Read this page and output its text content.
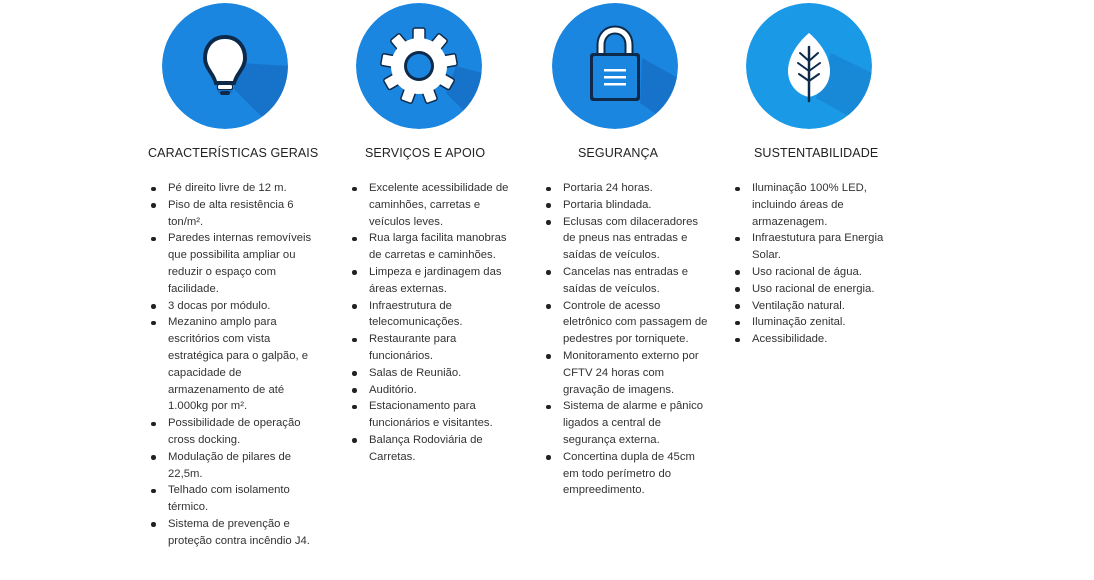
CARACTERÍSTICAS GERAIS
Pé direito livre de 12 m.
Piso de alta resistência 6 ton/m².
Paredes internas removíveis que possibilita ampliar ou reduzir o espaço com facilidade.
3 docas por módulo.
Mezanino amplo para escritórios com vista estratégica para o galpão, e capacidade de armazenamento de até 1.000kg por m².
Possibilidade de operação cross docking.
Modulação de pilares de 22,5m.
Telhado com isolamento térmico.
Sistema de prevenção e proteção contra incêndio J4.
SERVIÇOS E APOIO
Excelente acessibilidade de caminhões, carretas e veículos leves.
Rua larga facilita manobras de carretas e caminhões.
Limpeza e jardinagem das áreas externas.
Infraestrutura de telecomunicações.
Restaurante para funcionários.
Salas de Reunião.
Auditório.
Estacionamento para funcionários e visitantes.
Balança Rodoviária de Carretas.
SEGURANÇA
Portaria 24 horas.
Portaria blindada.
Eclusas com dilaceradores de pneus nas entradas e saídas de veículos.
Cancelas nas entradas e saídas de veículos.
Controle de acesso eletrônico com passagem de pedestres por torniquete.
Monitoramento externo por CFTV 24 horas com gravação de imagens.
Sistema de alarme e pânico ligados a central de segurança externa.
Concertina dupla de 45cm em todo perímetro do empreedimento.
SUSTENTABILIDADE
Iluminação 100% LED, incluindo áreas de armazenagem.
Infraestutura para Energia Solar.
Uso racional de água.
Uso racional de energia.
Ventilação natural.
Iluminação zenital.
Acessibilidade.
